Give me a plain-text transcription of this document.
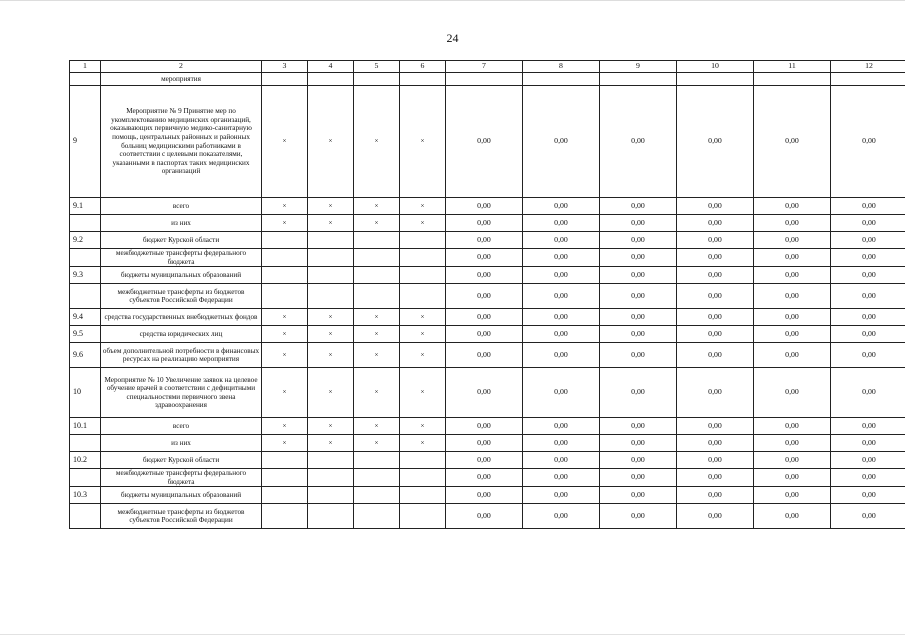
24
1	2	3	4	5	6	7	8	9	10	11	12
	мероприятия										
9	Мероприятие № 9 Принятие мер по укомплектованию медицинских организаций, оказывающих первичную медико-санитарную помощь, центральных районных и районных больниц медицинскими работниками в соответствии с целевыми показателями, указанными в паспортах таких медицинских организаций	×	×	×	×	0,00	0,00	0,00	0,00	0,00	0,00
9.1	всего	×	×	×	×	0,00	0,00	0,00	0,00	0,00	0,00
	из них	×	×	×	×	0,00	0,00	0,00	0,00	0,00	0,00
9.2	бюджет Курской области					0,00	0,00	0,00	0,00	0,00	0,00
	межбюджетные трансферты федерального бюджета					0,00	0,00	0,00	0,00	0,00	0,00
9.3	бюджеты муниципальных образований					0,00	0,00	0,00	0,00	0,00	0,00
	межбюджетные трансферты из бюджетов субъектов Российской Федерации					0,00	0,00	0,00	0,00	0,00	0,00
9.4	средства государственных внебюджетных фондов	×	×	×	×	0,00	0,00	0,00	0,00	0,00	0,00
9.5	средства юридических лиц	×	×	×	×	0,00	0,00	0,00	0,00	0,00	0,00
9.6	объем дополнительной потребности в финансовых ресурсах на реализацию мероприятия	×	×	×	×	0,00	0,00	0,00	0,00	0,00	0,00
10	Мероприятие № 10 Увеличение заявок на целевое обучение врачей в соответствии с дефицитными специальностями первичного звена здравоохранения	×	×	×	×	0,00	0,00	0,00	0,00	0,00	0,00
10.1	всего	×	×	×	×	0,00	0,00	0,00	0,00	0,00	0,00
	из них	×	×	×	×	0,00	0,00	0,00	0,00	0,00	0,00
10.2	бюджет Курской области					0,00	0,00	0,00	0,00	0,00	0,00
	межбюджетные трансферты федерального бюджета					0,00	0,00	0,00	0,00	0,00	0,00
10.3	бюджеты муниципальных образований					0,00	0,00	0,00	0,00	0,00	0,00
	межбюджетные трансферты из бюджетов субъектов Российской Федерации					0,00	0,00	0,00	0,00	0,00	0,00
